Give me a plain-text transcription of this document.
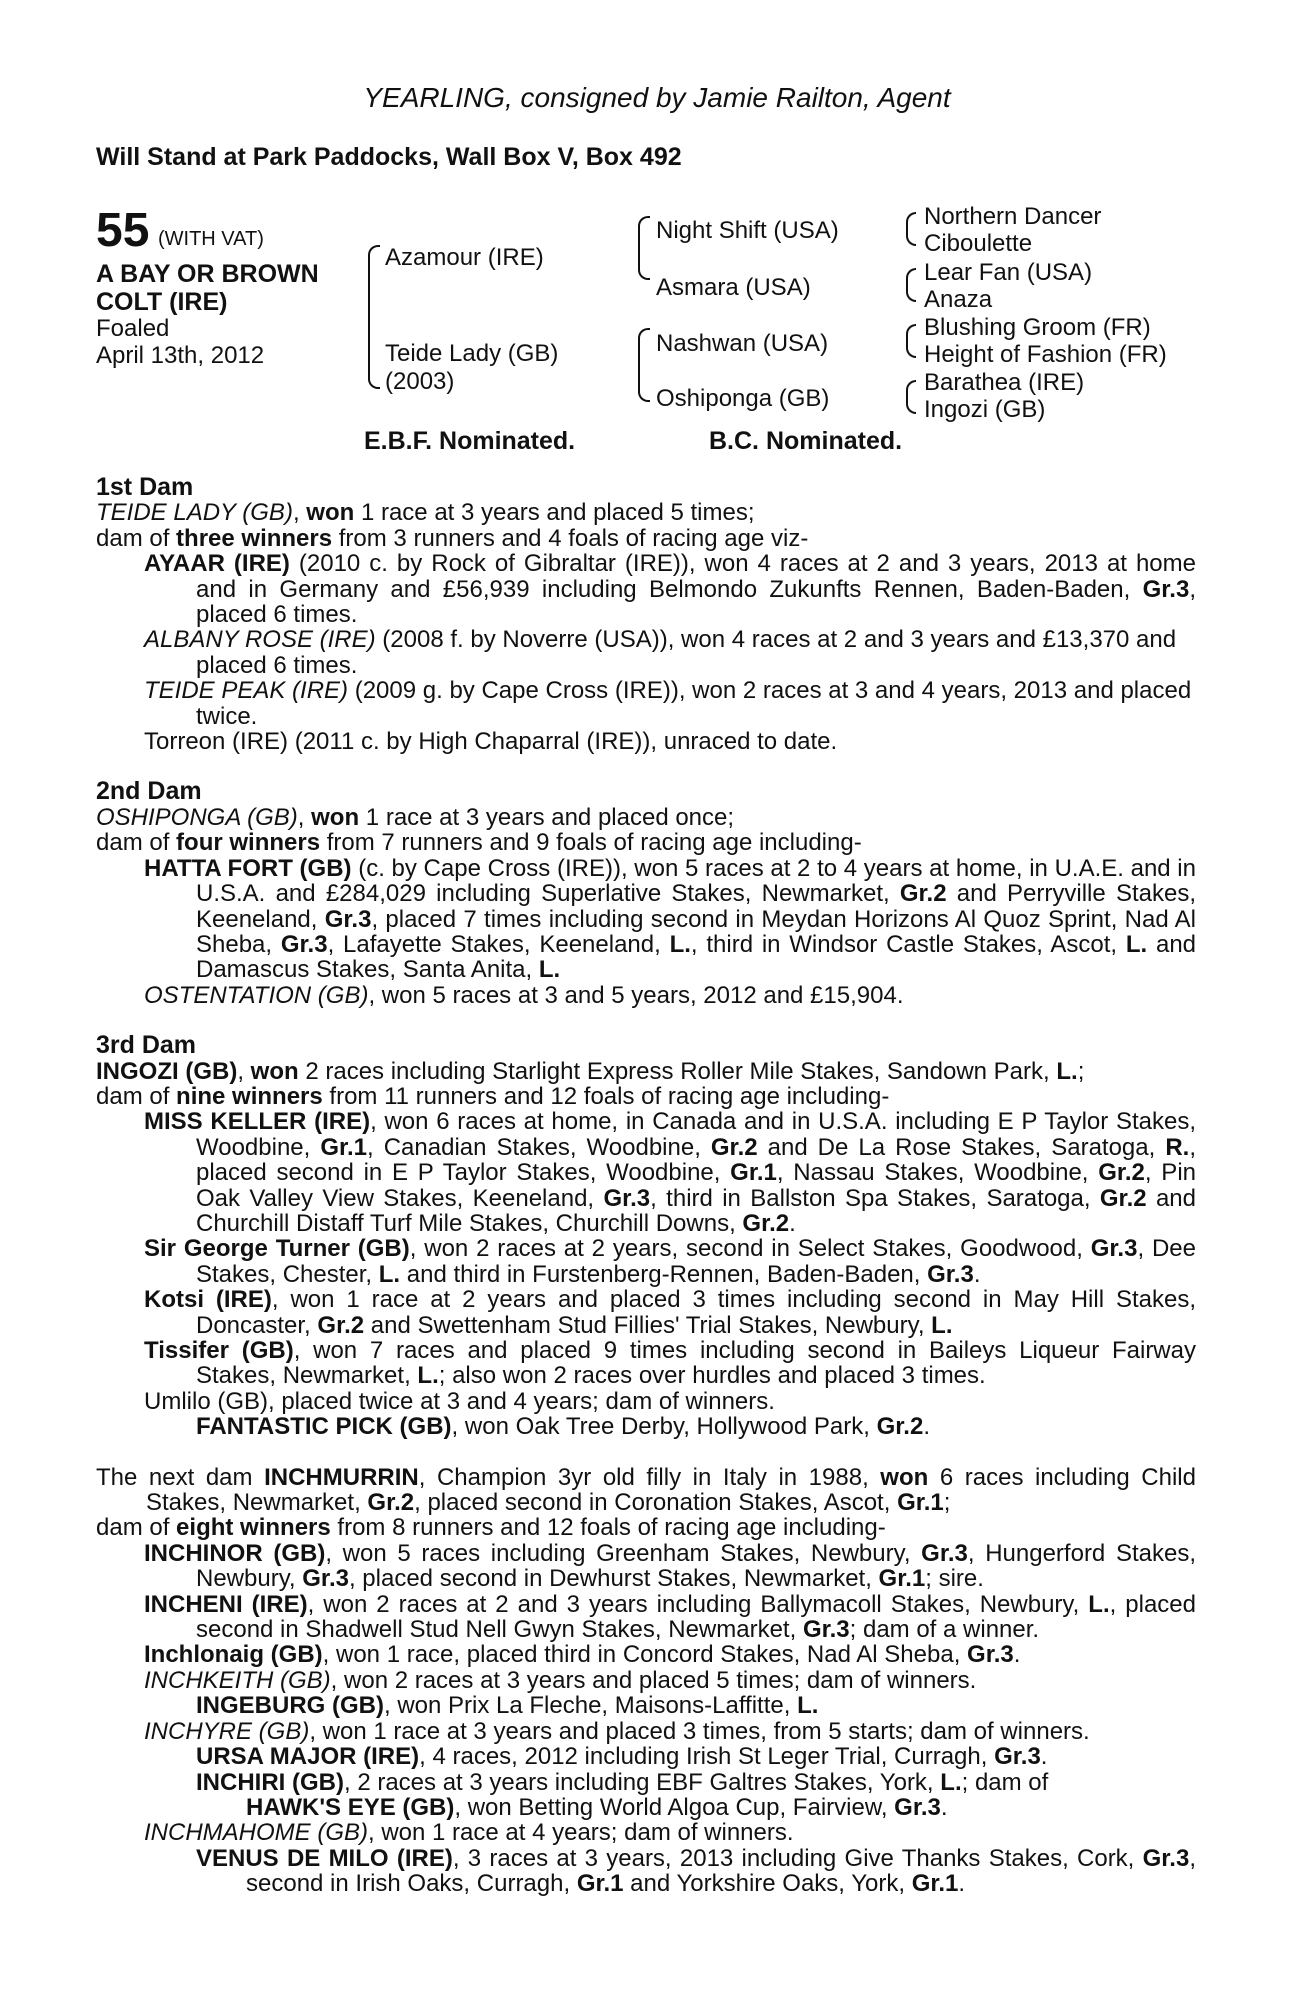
YEARLING, consigned by Jamie Railton, Agent
Will Stand at Park Paddocks, Wall Box V, Box 492
55 (WITH VAT)
A BAY OR BROWN
COLT (IRE)
Foaled
April 13th, 2012
Azamour (IRE)
Teide Lady (GB)
(2003)
Night Shift (USA)
Asmara (USA)
Nashwan (USA)
Oshiponga (GB)
Northern Dancer
Ciboulette
Lear Fan (USA)
Anaza
Blushing Groom (FR)
Height of Fashion (FR)
Barathea (IRE)
Ingozi (GB)
E.B.F. Nominated.	B.C. Nominated.

1st Dam

TEIDE LADY (GB), won 1 race at 3 years and placed 5 times;

dam of three winners from 3 runners and 4 foals of racing age viz-

AYAAR (IRE) (2010 c. by Rock of Gibraltar (IRE)), won 4 races at 2 and 3 years, 2013 at home and in Germany and £56,939 including Belmondo Zukunfts Rennen, Baden-Baden, Gr.3, placed 6 times.

ALBANY ROSE (IRE) (2008 f. by Noverre (USA)), won 4 races at 2 and 3 years and £13,370 and placed 6 times.

TEIDE PEAK (IRE) (2009 g. by Cape Cross (IRE)), won 2 races at 3 and 4 years, 2013 and placed twice.

Torreon (IRE) (2011 c. by High Chaparral (IRE)), unraced to date.

2nd Dam

OSHIPONGA (GB), won 1 race at 3 years and placed once;

dam of four winners from 7 runners and 9 foals of racing age including-

HATTA FORT (GB) (c. by Cape Cross (IRE)), won 5 races at 2 to 4 years at home, in U.A.E. and in U.S.A. and £284,029 including Superlative Stakes, Newmarket, Gr.2 and Perryville Stakes, Keeneland, Gr.3, placed 7 times including second in Meydan Horizons Al Quoz Sprint, Nad Al Sheba, Gr.3, Lafayette Stakes, Keeneland, L., third in Windsor Castle Stakes, Ascot, L. and Damascus Stakes, Santa Anita, L.

OSTENTATION (GB), won 5 races at 3 and 5 years, 2012 and £15,904.

3rd Dam

INGOZI (GB), won 2 races including Starlight Express Roller Mile Stakes, Sandown Park, L.;

dam of nine winners from 11 runners and 12 foals of racing age including-

MISS KELLER (IRE), won 6 races at home, in Canada and in U.S.A. including E P Taylor Stakes, Woodbine, Gr.1, Canadian Stakes, Woodbine, Gr.2 and De La Rose Stakes, Saratoga, R., placed second in E P Taylor Stakes, Woodbine, Gr.1, Nassau Stakes, Woodbine, Gr.2, Pin Oak Valley View Stakes, Keeneland, Gr.3, third in Ballston Spa Stakes, Saratoga, Gr.2 and Churchill Distaff Turf Mile Stakes, Churchill Downs, Gr.2.

Sir George Turner (GB), won 2 races at 2 years, second in Select Stakes, Goodwood, Gr.3, Dee Stakes, Chester, L. and third in Furstenberg-Rennen, Baden-Baden, Gr.3.

Kotsi (IRE), won 1 race at 2 years and placed 3 times including second in May Hill Stakes, Doncaster, Gr.2 and Swettenham Stud Fillies' Trial Stakes, Newbury, L.

Tissifer (GB), won 7 races and placed 9 times including second in Baileys Liqueur Fairway Stakes, Newmarket, L.; also won 2 races over hurdles and placed 3 times.

Umlilo (GB), placed twice at 3 and 4 years; dam of winners.

FANTASTIC PICK (GB), won Oak Tree Derby, Hollywood Park, Gr.2.

The next dam INCHMURRIN, Champion 3yr old filly in Italy in 1988, won 6 races including Child Stakes, Newmarket, Gr.2, placed second in Coronation Stakes, Ascot, Gr.1;

dam of eight winners from 8 runners and 12 foals of racing age including-

INCHINOR (GB), won 5 races including Greenham Stakes, Newbury, Gr.3, Hungerford Stakes, Newbury, Gr.3, placed second in Dewhurst Stakes, Newmarket, Gr.1; sire.

INCHENI (IRE), won 2 races at 2 and 3 years including Ballymacoll Stakes, Newbury, L., placed second in Shadwell Stud Nell Gwyn Stakes, Newmarket, Gr.3; dam of a winner.

Inchlonaig (GB), won 1 race, placed third in Concord Stakes, Nad Al Sheba, Gr.3.

INCHKEITH (GB), won 2 races at 3 years and placed 5 times; dam of winners.

INGEBURG (GB), won Prix La Fleche, Maisons-Laffitte, L.

INCHYRE (GB), won 1 race at 3 years and placed 3 times, from 5 starts; dam of winners.

URSA MAJOR (IRE), 4 races, 2012 including Irish St Leger Trial, Curragh, Gr.3.

INCHIRI (GB), 2 races at 3 years including EBF Galtres Stakes, York, L.; dam of

HAWK'S EYE (GB), won Betting World Algoa Cup, Fairview, Gr.3.

INCHMAHOME (GB), won 1 race at 4 years; dam of winners.

VENUS DE MILO (IRE), 3 races at 3 years, 2013 including Give Thanks Stakes, Cork, Gr.3, second in Irish Oaks, Curragh, Gr.1 and Yorkshire Oaks, York, Gr.1.
